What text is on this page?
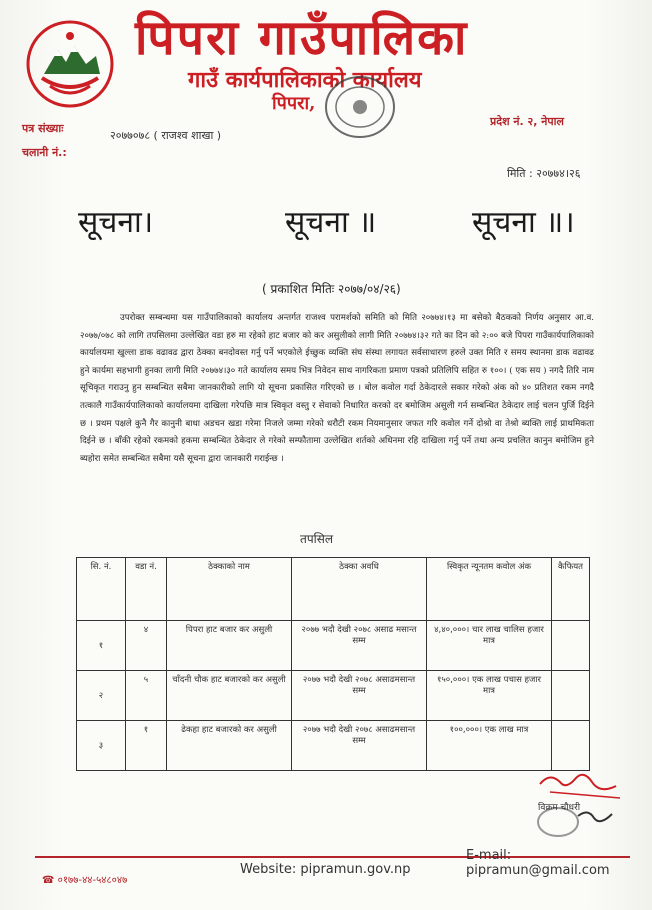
पिपरा गाउँपालिका
गाउँ कार्यपालिकाको कार्यालय
पिपरा,
पत्र संख्याः
चलानी नं.:
२०७७०७८ ( राजश्व शाखा )
प्रदेश नं. २, नेपाल
मिति : २०७७४।२६
सूचना।	सूचना ॥	सूचना ॥।
( प्रकाशित मितिः २०७७/०४/२६)
उपरोक्त सम्बन्धमा यस गाउँपालिकाको कार्यालय अन्तर्गत राजश्व परामर्शको समिति को मिति २०७७४।१३ मा बसेको बैठकको निर्णय अनुसार आ.व. २०७७/०७८ को लागि तपसिलमा उल्लेखित वडा हरु मा रहेको हाट बजार को कर असुलीको लागी मिति २०७७४।३२ गते का दिन को २:०० बजे पिपरा गाउँकार्यपालिकाको कार्यालयमा खुल्ला डाक वढावढ द्वारा ठेक्का बनदोवस्त गर्नु पर्ने भएकोले ईच्छुक व्यक्ति संघ संस्था लगायत सर्वसाधारण हरुले उक्त मिति र समय स्थानमा डाक वढावढ हुने कार्यमा सहभागी हुनका लागी मिति २०७७४।३० गते कार्यालय समय भित्र निवेदन साथ नागरिकता प्रमाण पत्रको प्रतिलिपि सहित रु १००। ( एक सय ) नगदै तिरि नाम सूचिकृत गराउनु हुन सम्बन्धित सबैमा जानकारीको लागि यो सूचना प्रकासित गरिएको छ । बोल कवोल गर्दा ठेकेदारले सकार गरेको अंक को ४० प्रतिशत रकम नगदै तत्कालै गाउँकार्यपालिकाको कार्यालयमा दाखिला गरेपछि मात्र स्विकृत वस्तु र सेवाको निधारित करको दर बमोजिम असुली गर्न सम्बन्धित ठेकेदार लाई चलन पुर्जि दिईने छ । प्रथम पक्षले कुनै गैर कानुनी बाधा अडचन खडा गरेमा निजले जम्मा गरेको धरौटी रकम नियमानुसार जफत गरि कवोल गर्ने दोश्रो वा तेश्रो ब्यक्ति लाई प्राथमिकता दिईने छ । बाँकी रहेको रकमको हकमा सम्बन्धित ठेकेदार ले गरेको सम्फौतामा उल्लेखित शर्तको अधिनमा रहि दाखिला गर्नु पर्ने तथा अन्य प्रचलित कानुन बमोजिम हुने ब्यहोरा समेत सम्बन्धित सबैमा यसै सूचना द्वारा जानकारी गराईन्छ ।
तपसिल
सि. नं.	वडा नं.	ठेक्काको नाम	ठेक्का अवधि	स्विकृत न्यूनतम कवोल अंक	कैफियत
१	४	पिपरा हाट बजार कर असुली	२०७७ भदौ देखी २०७८ असाढ मसान्त सम्म	४,४०,०००। चार लाख चालिस हजार मात्र	
२	५	चाँदनी चौक हाट बजारको कर असुली	२०७७ भदौ देखी २०७८ असाढमसान्त सम्म	१५०,०००। एक लाख पचास हजार मात्र	
३	१	ढेकहा हाट बजारको कर असुली	२०७७ भदौ देखी २०७८ असाढमसान्त सम्म	१००,०००। एक लाख मात्र	
विक्रम चौधरी
☎ ०१७७-४४-५४८०४७
Website: pipramun.gov.np
E-mail: pipramun@gmail.com
